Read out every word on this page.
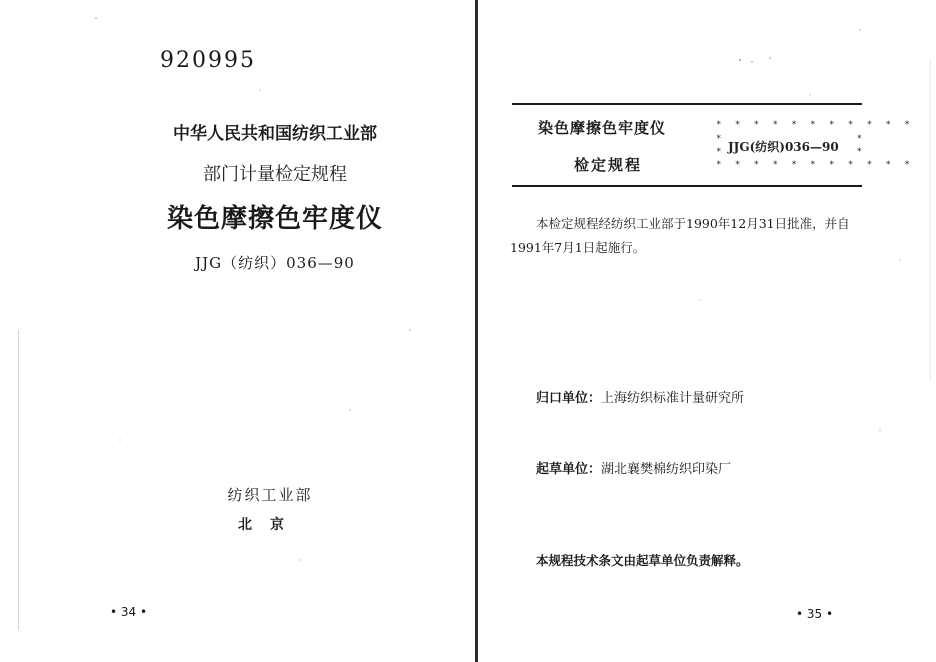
920995
中华人民共和国纺织工业部
部门计量检定规程
染色摩擦色牢度仪
JJG（纺织）036—90
纺织工业部
北京
• 34 •
染色摩擦色牢度仪
检定规程
* * * * * * * * * * *
*
* JJG(纺织)036—90
*
*
* * * * * * * * * * *
本检定规程经纺织工业部于1990年12月31日批准，并自1991年7月1日起施行。
归口单位：上海纺织标准计量研究所
起草单位：湖北襄樊棉纺织印染厂
本规程技术条文由起草单位负责解释。
• 35 •
